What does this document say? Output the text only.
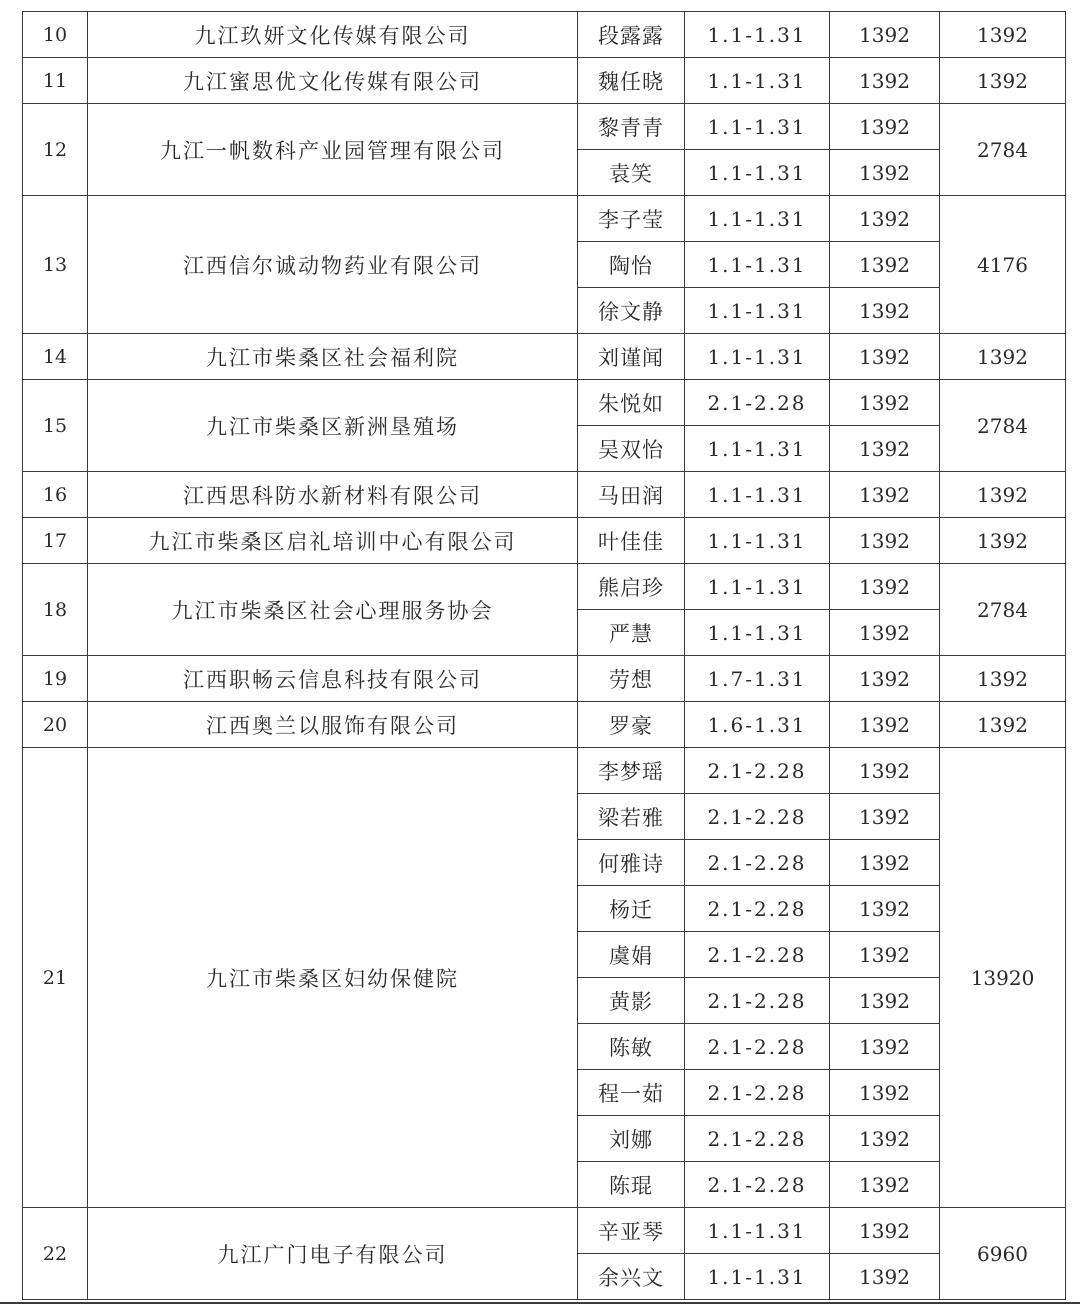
10	九江玖妍文化传媒有限公司	段露露	1.1-1.31	1392	1392
11	九江蜜思优文化传媒有限公司	魏任晓	1.1-1.31	1392	1392
12	九江一帆数科产业园管理有限公司	黎青青	1.1-1.31	1392	2784
		袁笑	1.1-1.31	1392	
13	江西信尔诚动物药业有限公司	李子莹	1.1-1.31	1392	4176
		陶怡	1.1-1.31	1392	
		徐文静	1.1-1.31	1392	
14	九江市柴桑区社会福利院	刘谨闻	1.1-1.31	1392	1392
15	九江市柴桑区新洲垦殖场	朱悦如	2.1-2.28	1392	2784
		吴双怡	1.1-1.31	1392	
16	江西思科防水新材料有限公司	马田润	1.1-1.31	1392	1392
17	九江市柴桑区启礼培训中心有限公司	叶佳佳	1.1-1.31	1392	1392
18	九江市柴桑区社会心理服务协会	熊启珍	1.1-1.31	1392	2784
		严慧	1.1-1.31	1392	
19	江西职畅云信息科技有限公司	劳想	1.7-1.31	1392	1392
20	江西奥兰以服饰有限公司	罗豪	1.6-1.31	1392	1392
21	九江市柴桑区妇幼保健院	李梦瑶	2.1-2.28	1392	13920
		梁若雅	2.1-2.28	1392	
		何雅诗	2.1-2.28	1392	
		杨迁	2.1-2.28	1392	
		虞娟	2.1-2.28	1392	
		黄影	2.1-2.28	1392	
		陈敏	2.1-2.28	1392	
		程一茹	2.1-2.28	1392	
		刘娜	2.1-2.28	1392	
		陈琨	2.1-2.28	1392	
22	九江广门电子有限公司	辛亚琴	1.1-1.31	1392	6960
		余兴文	1.1-1.31	1392	
